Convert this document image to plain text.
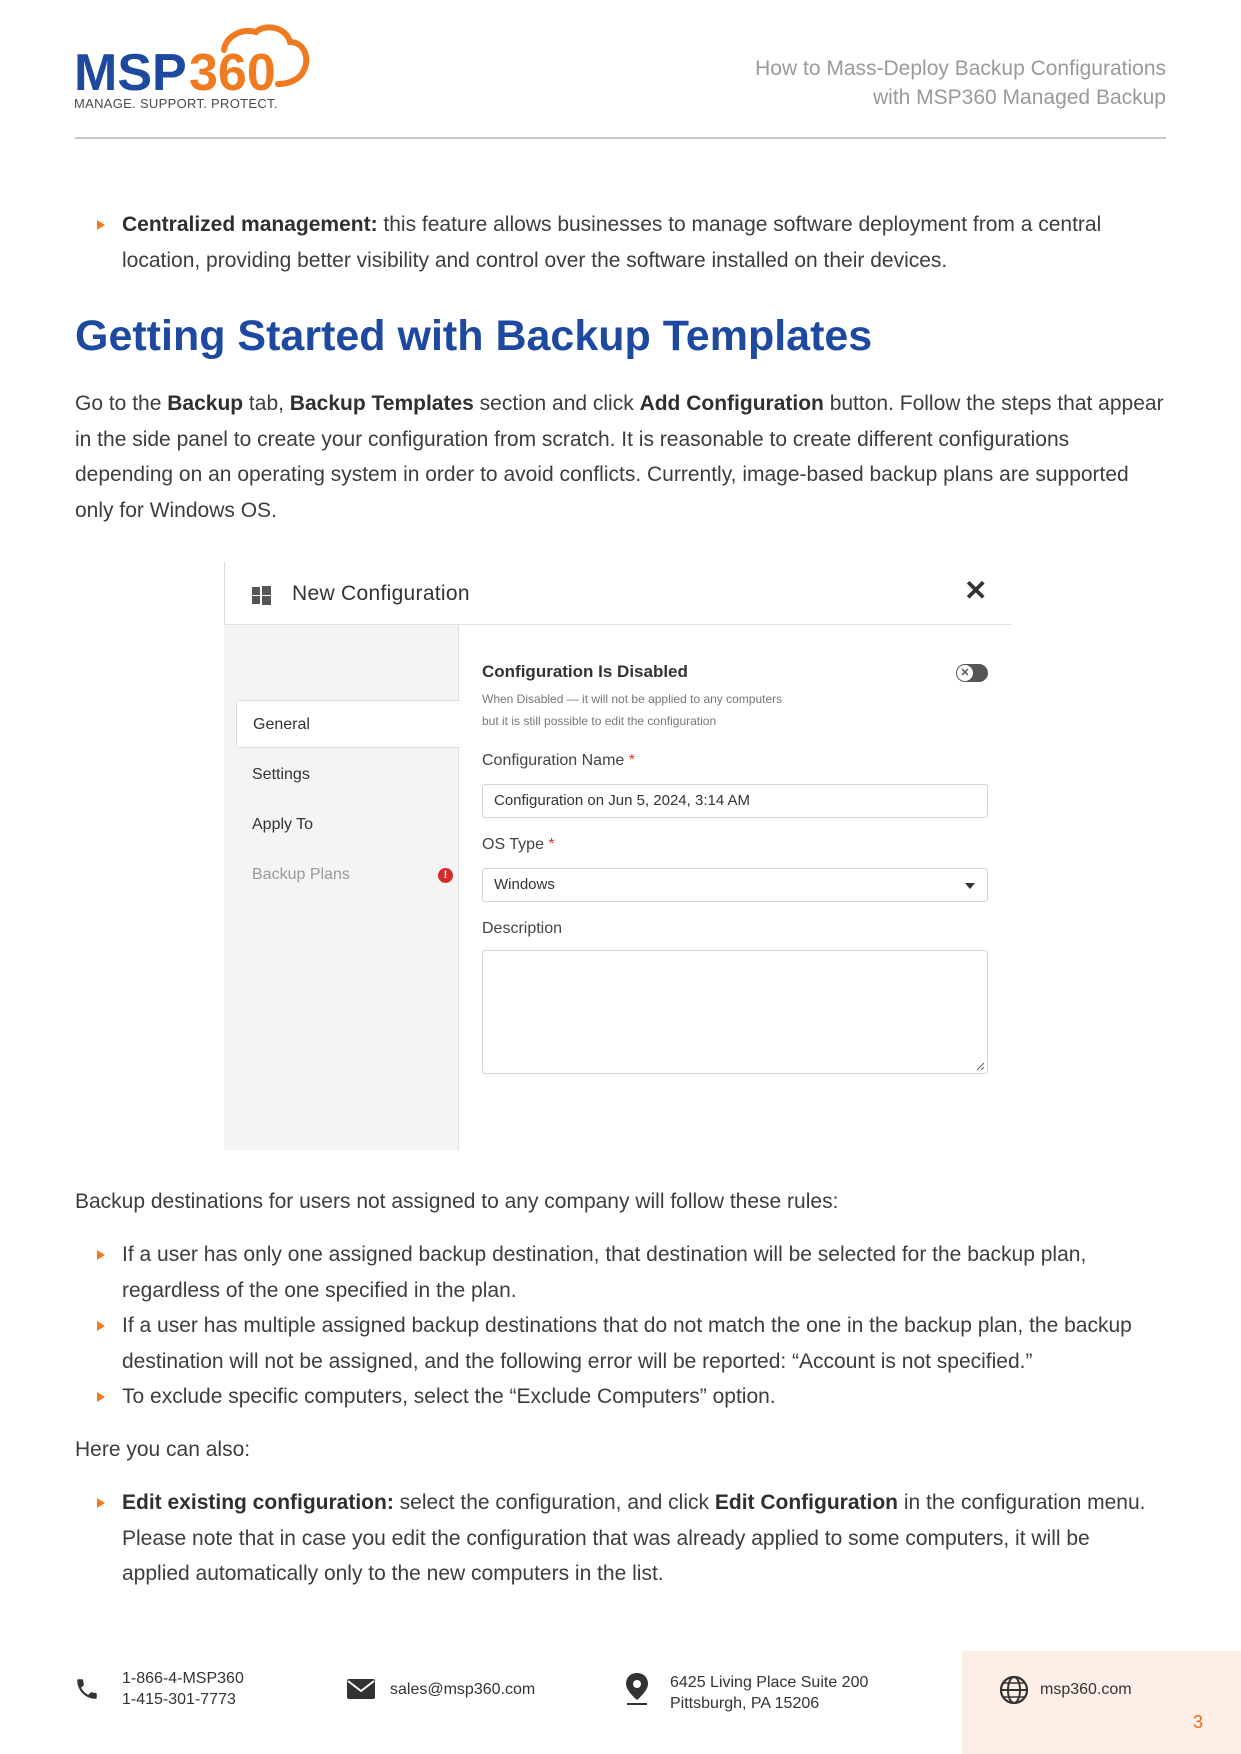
MSP 360
MANAGE. SUPPORT. PROTECT.
How to Mass-Deploy Backup Configurations
with MSP360 Managed Backup
Centralized management: this feature allows businesses to manage software deployment from a central location, providing better visibility and control over the software installed on their devices.
Getting Started with Backup Templates
Go to the Backup tab, Backup Templates section and click Add Configuration button. Follow the steps that appear in the side panel to create your configuration from scratch. It is reasonable to create different configurations depending on an operating system in order to avoid conflicts. Currently, image-based backup plans are supported only for Windows OS.
New Configuration	✕
General
Settings
Apply To
Backup Plans	!
Configuration Is Disabled	✕
When Disabled — it will not be applied to any computers
but it is still possible to edit the configuration
Configuration Name *
Configuration on Jun 5, 2024, 3:14 AM
OS Type *
Windows
Description
Backup destinations for users not assigned to any company will follow these rules:
If a user has only one assigned backup destination, that destination will be selected for the backup plan, regardless of the one specified in the plan.
If a user has multiple assigned backup destinations that do not match the one in the backup plan, the backup destination will not be assigned, and the following error will be reported: “Account is not specified.”
To exclude specific computers, select the “Exclude Computers” option.
Here you can also:
Edit existing configuration: select the configuration, and click Edit Configuration in the configuration menu. Please note that in case you edit the configuration that was already applied to some computers, it will be applied automatically only to the new computers in the list.
1-866-4-MSP360
1-415-301-7773
sales@msp360.com	6425 Living Place Suite 200
Pittsburgh, PA 15206
msp360.com
3
